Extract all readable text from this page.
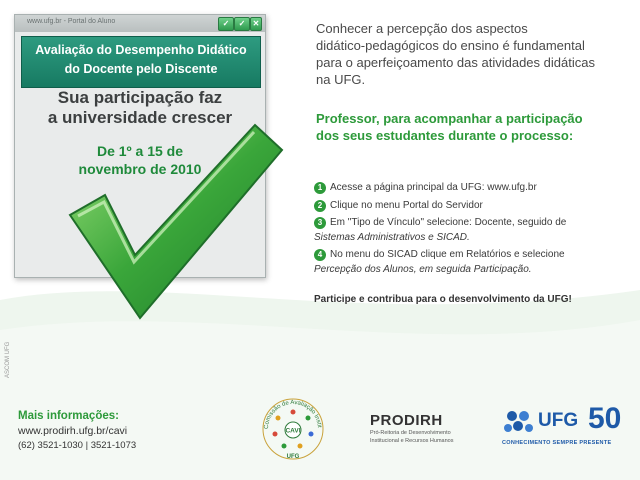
www.ufg.br - Portal do Aluno	✓	✓ ✕
Avaliação do Desempenho Didático
do Docente pelo Discente
Sua participação faz
a universidade crescer
De 1º a 15 de
novembro de 2010
Conhecer a percepção dos aspectos
didático-pedagógicos do ensino é fundamental
para o aperfeiçoamento das atividades didáticas
na UFG.
Professor, para acompanhar a participação
dos seus estudantes durante o processo:
1 Acesse a página principal da UFG: www.ufg.br
2 Clique no menu Portal do Servidor
3 Em "Tipo de Vínculo" selecione: Docente, seguido de
Sistemas Administrativos e SICAD.
4 No menu do SICAD clique em Relatórios e selecione
Percepção dos Alunos, em seguida Participação.
Participe e contribua para o desenvolvimento da UFG!
ASCOM UFG
Mais informações:
www.prodirh.ufg.br/cavi
(62) 3521-1030 | 3521-1073
Comissão de Avaliação Instit
CAVI
UFG
PRODIRH
Pró-Reitoria de Desenvolvimento
Institucional e Recursos Humanos
UFG 50
CONHECIMENTO SEMPRE PRESENTE
